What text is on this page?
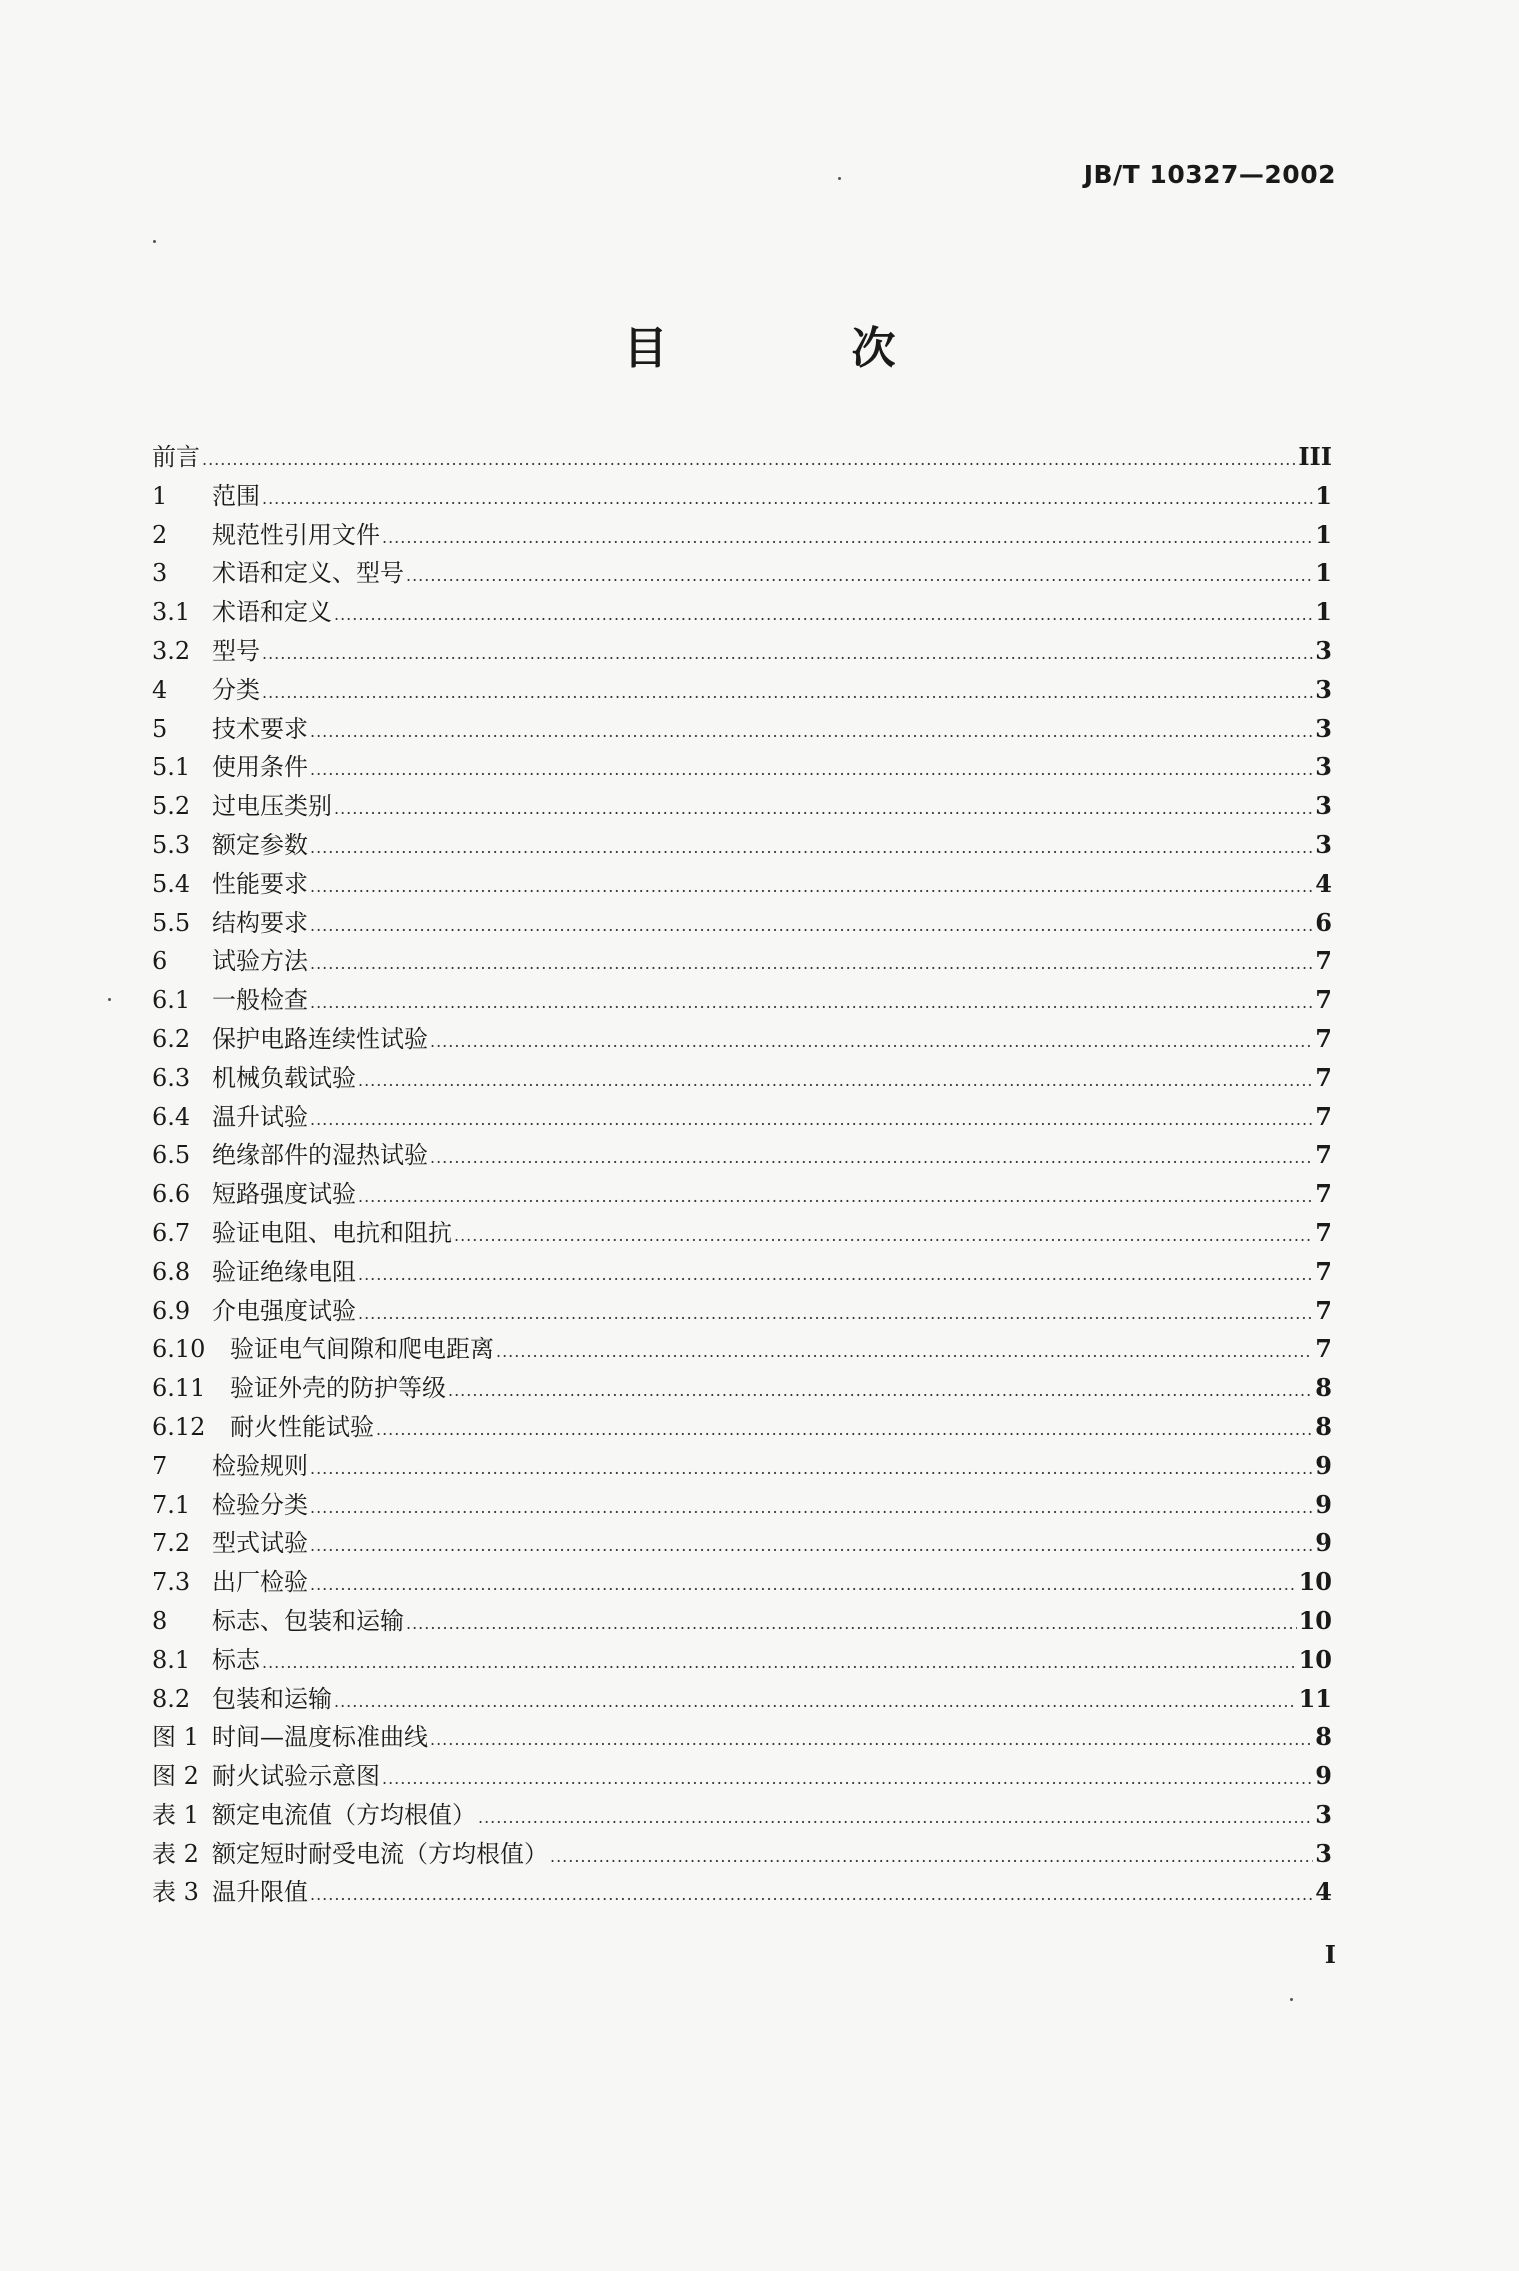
JB/T 10327—2002
目　次
前言 .....	III
1	范围 .....	1
2	规范性引用文件 .....	1
3	术语和定义、型号 .....	1
3.1 术语和定义 .....	1
3.2 型号 .....	3
4	分类 .....	3
5	技术要求 .....	3
5.1 使用条件 .....	3
5.2 过电压类别 .....	3
5.3 额定参数 .....	3
5.4 性能要求 .....	4
5.5 结构要求 .....	6
6	试验方法 .....	7
6.1 一般检查 .....	7
6.2 保护电路连续性试验 .....	7
6.3 机械负载试验 .....	7
6.4 温升试验 .....	7
6.5 绝缘部件的湿热试验 .....	7
6.6 短路强度试验 .....	7
6.7 验证电阻、电抗和阻抗 .....	7
6.8 验证绝缘电阻 .....	7
6.9 介电强度试验 .....	7
6.10	验证电气间隙和爬电距离 .....	7
6.11	验证外壳的防护等级 .....	8
6.12	耐火性能试验 .....	8
7	检验规则 .....	9
7.1 检验分类 .....	9
7.2 型式试验 .....	9
7.3 出厂检验 .....	10
8	标志、包装和运输 .....	10
8.1 标志 .....	10
8.2 包装和运输 .....	11
图 1 时间—温度标准曲线 .....	8
图 2 耐火试验示意图 .....	9
表 1 额定电流值（方均根值） .....	3
表 2 额定短时耐受电流（方均根值） .....	3
表 3 温升限值 .....	4
I
